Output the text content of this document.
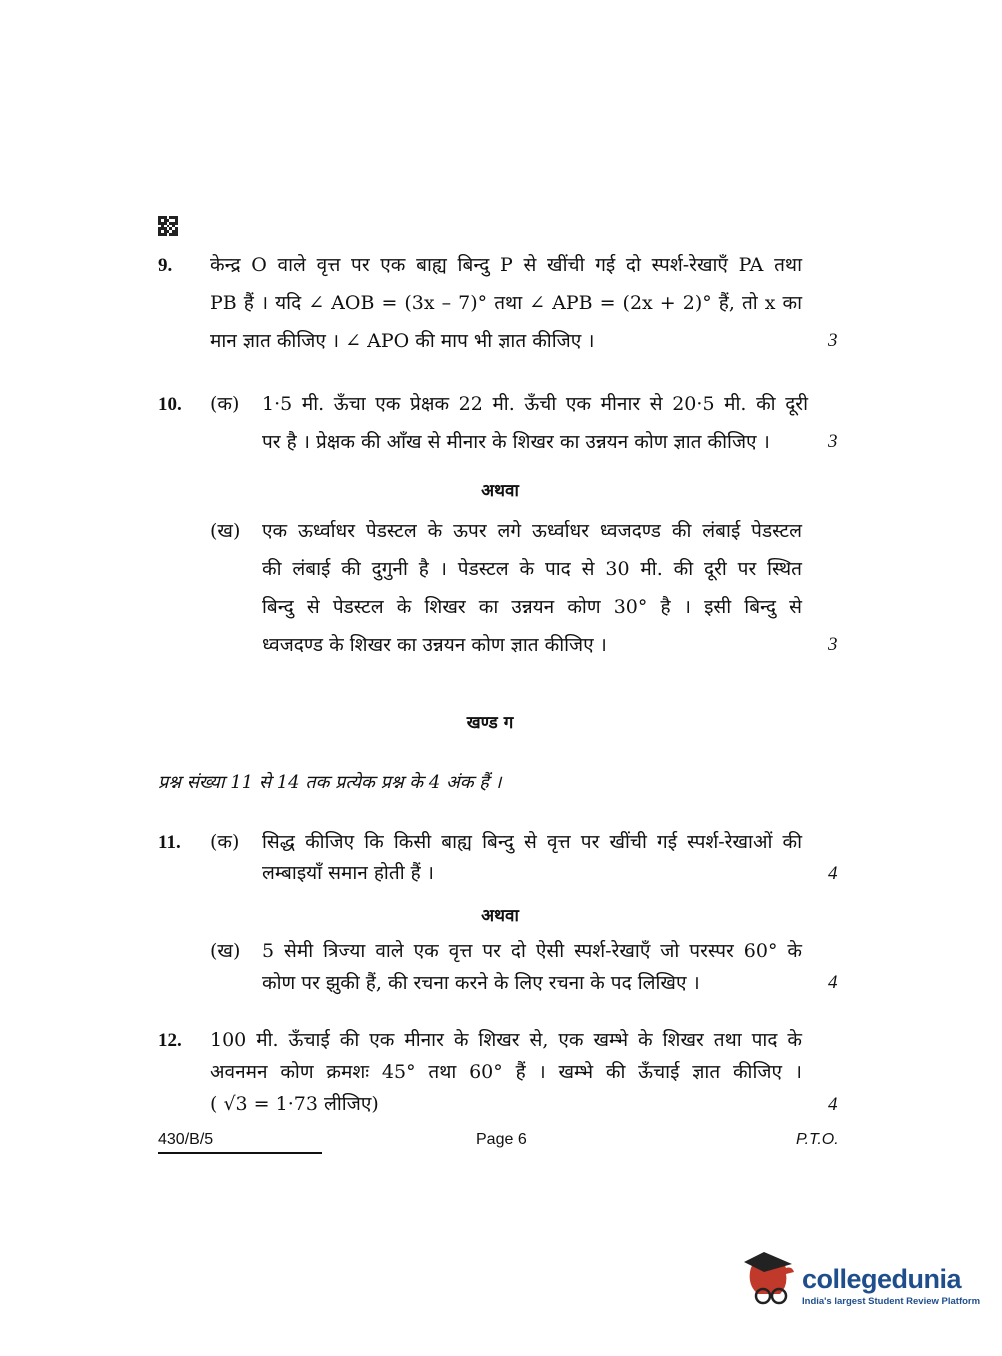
9. केन्द्र O वाले वृत्त पर एक बाह्य बिन्दु P से खींची गई दो स्पर्श-रेखाएँ PA तथा
PB हैं । यदि ∠ AOB = (3x – 7)° तथा ∠ APB = (2x + 2)° हैं, तो x का
मान ज्ञात कीजिए । ∠ APO की माप भी ज्ञात कीजिए ।	3
10. (क) 1·5 मी. ऊँचा एक प्रेक्षक 22 मी. ऊँची एक मीनार से 20·5 मी. की दूरी
पर है । प्रेक्षक की आँख से मीनार के शिखर का उन्नयन कोण ज्ञात कीजिए ।	3
अथवा
(ख) एक ऊर्ध्वाधर पेडस्टल के ऊपर लगे ऊर्ध्वाधर ध्वजदण्ड की लंबाई पेडस्टल
की लंबाई की दुगुनी है । पेडस्टल के पाद से 30 मी. की दूरी पर स्थित
बिन्दु से पेडस्टल के शिखर का उन्नयन कोण 30° है । इसी बिन्दु से
ध्वजदण्ड के शिखर का उन्नयन कोण ज्ञात कीजिए ।	3
खण्ड ग
प्रश्न संख्या 11 से 14 तक प्रत्येक प्रश्न के 4 अंक हैं ।
11. (क) सिद्ध कीजिए कि किसी बाह्य बिन्दु से वृत्त पर खींची गई स्पर्श-रेखाओं की
लम्बाइयाँ समान होती हैं ।	4
अथवा
(ख) 5 सेमी त्रिज्या वाले एक वृत्त पर दो ऐसी स्पर्श-रेखाएँ जो परस्पर 60° के
कोण पर झुकी हैं, की रचना करने के लिए रचना के पद लिखिए ।	4
12. 100 मी. ऊँचाई की एक मीनार के शिखर से, एक खम्भे के शिखर तथा पाद के
अवनमन कोण क्रमशः 45° तथा 60° हैं । खम्भे की ऊँचाई ज्ञात कीजिए ।
( √3 = 1·73 लीजिए)	4
430/B/5	Page 6	P.T.O.
collegedunia
India's largest Student Review Platform
